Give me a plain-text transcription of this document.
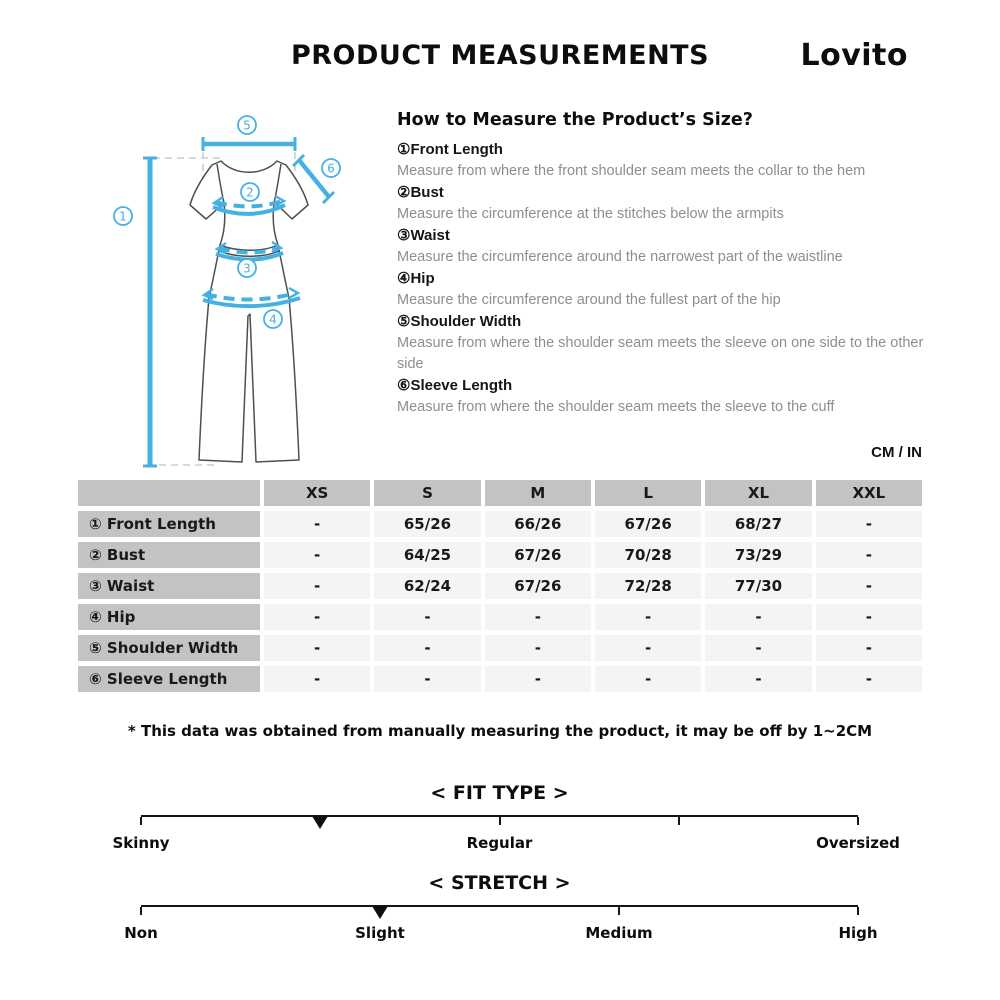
PRODUCT MEASUREMENTS	Lovito
1
2
3
4
5
6
How to Measure the Product’s Size?
①Front Length
Measure from where the front shoulder seam meets the collar to the hem
②Bust
Measure the circumference at the stitches below the armpits
③Waist
Measure the circumference around the narrowest part of the waistline
④Hip
Measure the circumference around the fullest part of the hip
⑤Shoulder Width
Measure from where the shoulder seam meets the sleeve on one side to the other side
⑥Sleeve Length
Measure from where the shoulder seam meets the sleeve to the cuff
CM / IN
XS	S	M	L	XL	XXL
① Front Length	-	65/26	66/26	67/26	68/27	-
② Bust	-	64/25	67/26	70/28	73/29	-
③ Waist	-	62/24	67/26	72/28	77/30	-
④ Hip	-	-	-	-	-	-
⑤ Shoulder Width	-	-	-	-	-	-
⑥ Sleeve Length	-	-	-	-	-	-

* This data was obtained from manually measuring the product, it may be off by 1~2CM

< FIT TYPE >
Skinny	Regular	Oversized
< STRETCH >
Non	Slight	Medium	High
